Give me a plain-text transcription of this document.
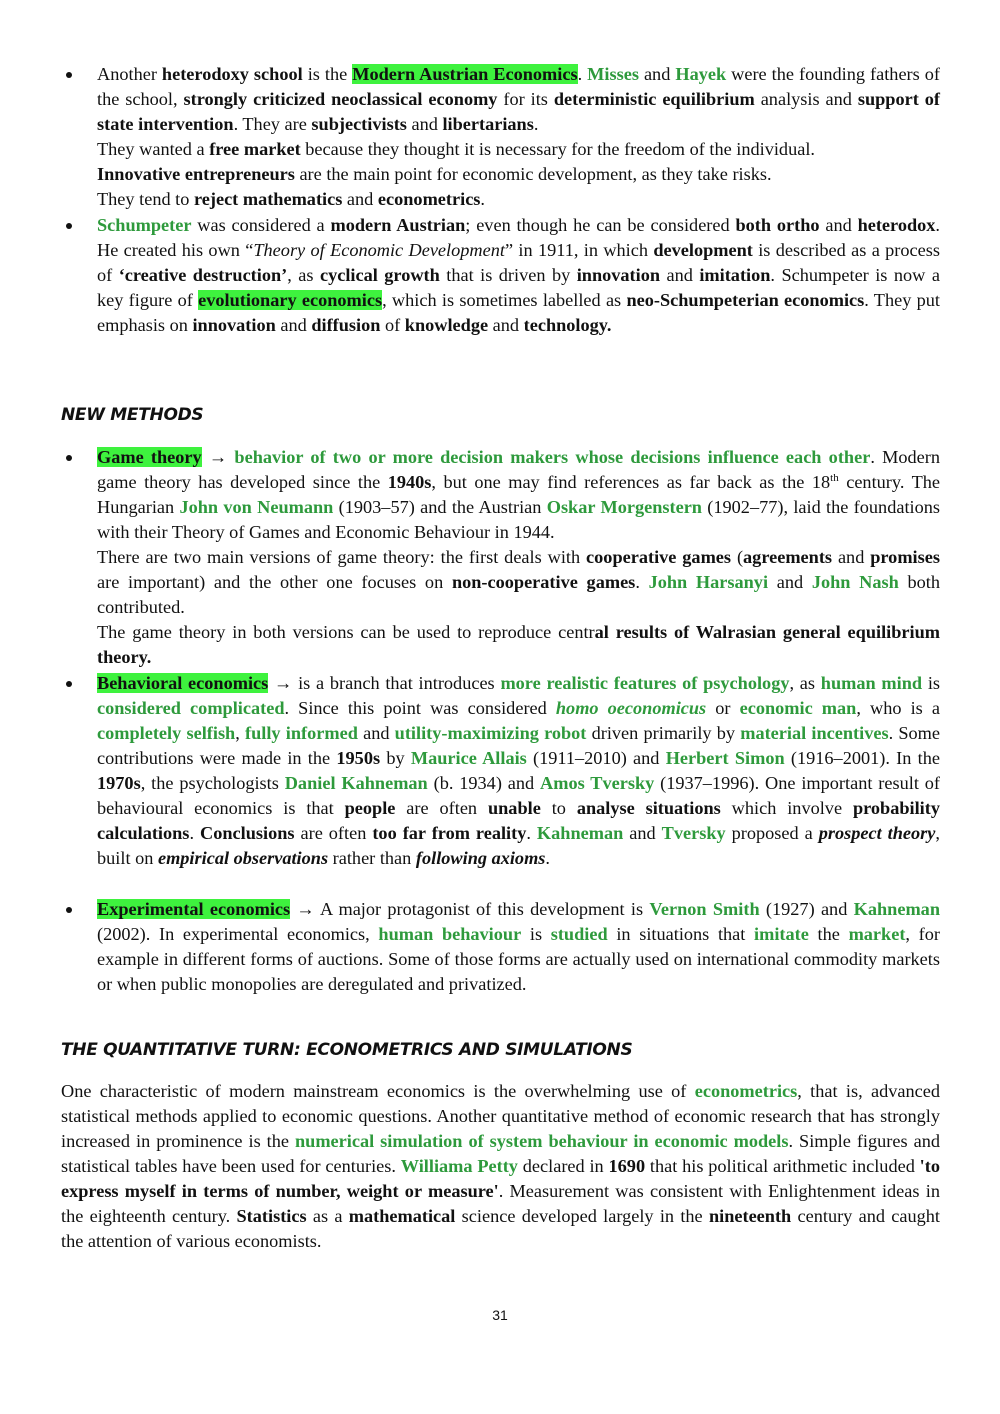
Another heterodoxy school is the Modern Austrian Economics. Misses and Hayek were the founding fathers of the school, strongly criticized neoclassical economy for its deterministic equilibrium analysis and support of state intervention. They are subjectivists and libertarians.

They wanted a free market because they thought it is necessary for the freedom of the individual.

Innovative entrepreneurs are the main point for economic development, as they take risks.

They tend to reject mathematics and econometrics.

Schumpeter was considered a modern Austrian; even though he can be considered both ortho and heterodox. He created his own “Theory of Economic Development” in 1911, in which development is described as a process of ‘creative destruction’, as cyclical growth that is driven by innovation and imitation. Schumpeter is now a key figure of evolutionary economics, which is sometimes labelled as neo-Schumpeterian economics. They put emphasis on innovation and diffusion of knowledge and technology.

NEW METHODS

Game theory → behavior of two or more decision makers whose decisions influence each other. Modern game theory has developed since the 1940s, but one may find references as far back as the 18th century. The Hungarian John von Neumann (1903–57) and the Austrian Oskar Morgenstern (1902–77), laid the foundations with their Theory of Games and Economic Behaviour in 1944.

There are two main versions of game theory: the first deals with cooperative games (agreements and promises are important) and the other one focuses on non-cooperative games. John Harsanyi and John Nash both contributed.

The game theory in both versions can be used to reproduce central results of Walrasian general equilibrium theory.

Behavioral economics → is a branch that introduces more realistic features of psychology, as human mind is considered complicated. Since this point was considered homo oeconomicus or economic man, who is a completely selfish, fully informed and utility-maximizing robot driven primarily by material incentives. Some contributions were made in the 1950s by Maurice Allais (1911–2010) and Herbert Simon (1916–2001). In the 1970s, the psychologists Daniel Kahneman (b. 1934) and Amos Tversky (1937–1996). One important result of behavioural economics is that people are often unable to analyse situations which involve probability calculations. Conclusions are often too far from reality. Kahneman and Tversky proposed a prospect theory, built on empirical observations rather than following axioms.

Experimental economics → A major protagonist of this development is Vernon Smith (1927) and Kahneman (2002). In experimental economics, human behaviour is studied in situations that imitate the market, for example in different forms of auctions. Some of those forms are actually used on international commodity markets or when public monopolies are deregulated and privatized.

THE QUANTITATIVE TURN: ECONOMETRICS AND SIMULATIONS

One characteristic of modern mainstream economics is the overwhelming use of econometrics, that is, advanced statistical methods applied to economic questions. Another quantitative method of economic research that has strongly increased in prominence is the numerical simulation of system behaviour in economic models. Simple figures and statistical tables have been used for centuries. Williama Petty declared in 1690 that his political arithmetic included 'to express myself in terms of number, weight or measure'. Measurement was consistent with Enlightenment ideas in the eighteenth century. Statistics as a mathematical science developed largely in the nineteenth century and caught the attention of various economists.

31
